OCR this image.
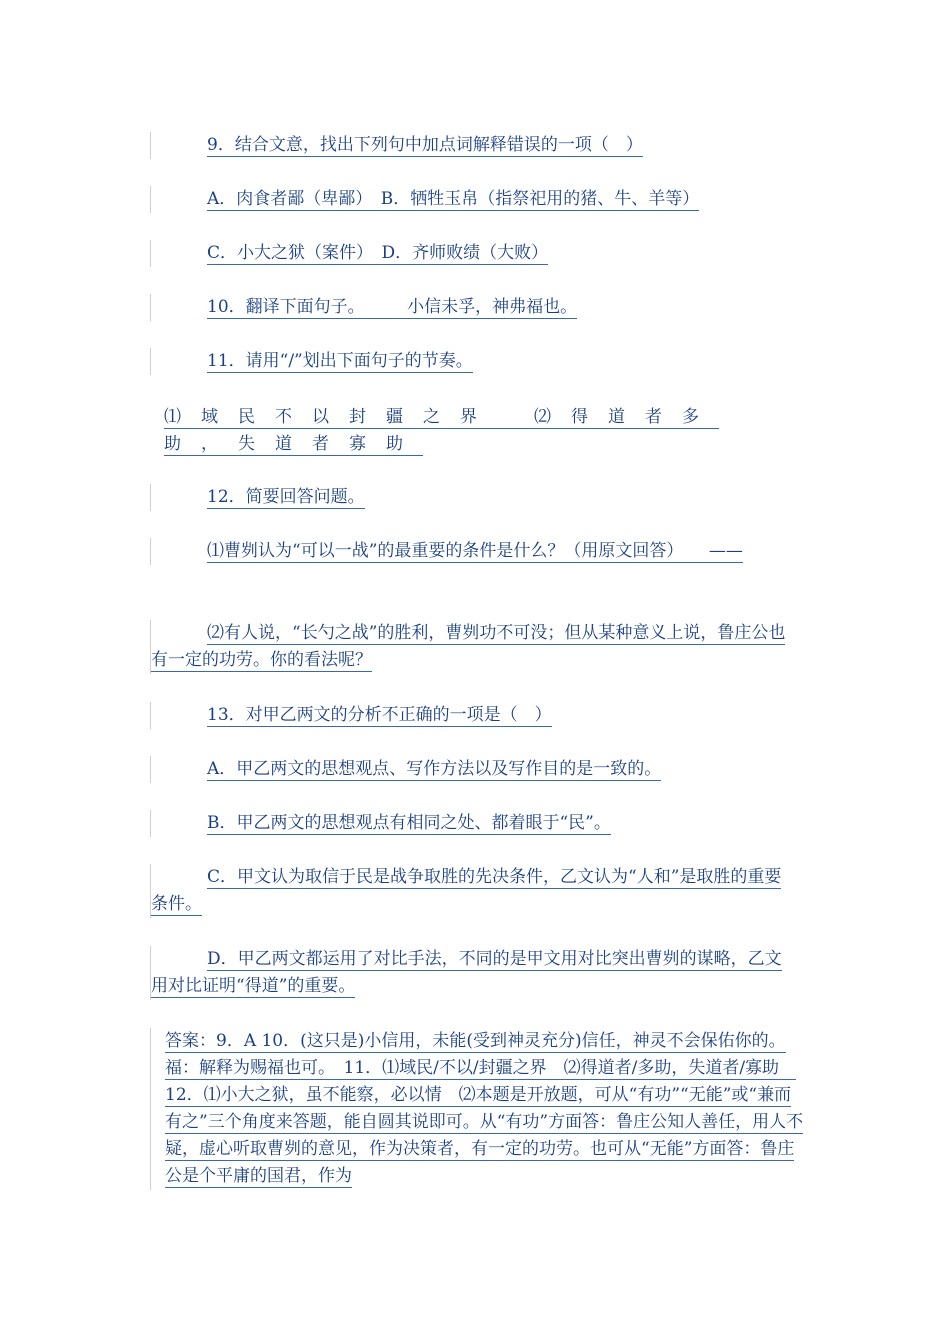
9．结合文意，找出下列句中加点词解释错误的一项（　）
A．肉食者鄙（卑鄙）　B．牺牲玉帛（指祭祀用的猪、牛、羊等）
C．小大之狱（案件）　D．齐师败绩（大败）
10．翻译下面句子。　　　小信未孚，神弗福也。
11．请用“/”划出下面句子的节奏。
⑴域民不以封疆之界　⑵得道者多助，失道者寡助
12．简要回答问题。
⑴曹刿认为“可以一战”的最重要的条件是什么？（用原文回答）　　——
⑵有人说，“长勺之战”的胜利，曹刿功不可没；但从某种意义上说，鲁庄公也有一定的功劳。你的看法呢？
13．对甲乙两文的分析不正确的一项是（　）
A．甲乙两文的思想观点、写作方法以及写作目的是一致的。
B．甲乙两文的思想观点有相同之处、都着眼于“民”。
C．甲文认为取信于民是战争取胜的先决条件，乙文认为“人和”是取胜的重要条件。
D．甲乙两文都运用了对比手法，不同的是甲文用对比突出曹刿的谋略，乙文用对比证明“得道”的重要。
答案：9．A 10．(这只是)小信用，未能(受到神灵充分)信任，神灵不会保佑你的。福：解释为赐福也可。　11．⑴域民/不以/封疆之界　⑵得道者/多助，失道者/寡助　12．⑴小大之狱，虽不能察，必以情　⑵本题是开放题，可从“有功”“无能”或“兼而有之”三个角度来答题，能自圆其说即可。从“有功”方面答：鲁庄公知人善任，用人不疑，虚心听取曹刿的意见，作为决策者，有一定的功劳。也可从“无能”方面答：鲁庄公是个平庸的国君，作为
